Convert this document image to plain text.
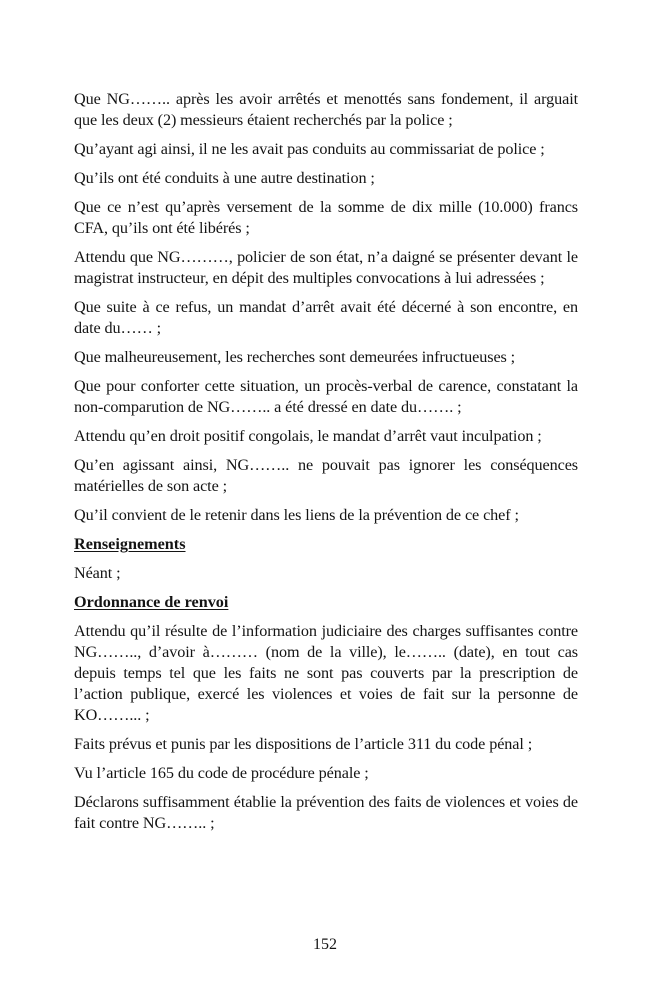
Que NG…….. après les avoir arrêtés et menottés sans fondement, il arguait que les deux (2) messieurs étaient recherchés par la police ;

Qu’ayant agi ainsi, il ne les avait pas conduits au commissariat de police ;

Qu’ils ont été conduits à une autre destination ;

Que ce n’est qu’après versement de la somme de dix mille (10.000) francs CFA, qu’ils ont été libérés ;

Attendu que NG………, policier de son état, n’a daigné se présenter devant le magistrat instructeur, en dépit des multiples convocations à lui adressées ;

Que suite à ce refus, un mandat d’arrêt avait été décerné à son encontre, en date du…… ;

Que malheureusement, les recherches sont demeurées infructueuses ;

Que pour conforter cette situation, un procès-verbal de carence, constatant la non-comparution de NG…….. a été dressé en date du……. ;

Attendu qu’en droit positif congolais, le mandat d’arrêt vaut inculpation ;

Qu’en agissant ainsi, NG…….. ne pouvait pas ignorer les conséquences matérielles de son acte ;

Qu’il convient de le retenir dans les liens de la prévention de ce chef ;

Renseignements

Néant ;

Ordonnance de renvoi

Attendu qu’il résulte de l’information judiciaire des charges suffisantes contre NG…….., d’avoir à……… (nom de la ville), le…….. (date), en tout cas depuis temps tel que les faits ne sont pas couverts par la prescription de l’action publique, exercé les violences et voies de fait sur la personne de KO……... ;

Faits prévus et punis par les dispositions de l’article 311 du code pénal ;

Vu l’article 165 du code de procédure pénale ;

Déclarons suffisamment établie la prévention des faits de violences et voies de fait contre NG…….. ;

152
